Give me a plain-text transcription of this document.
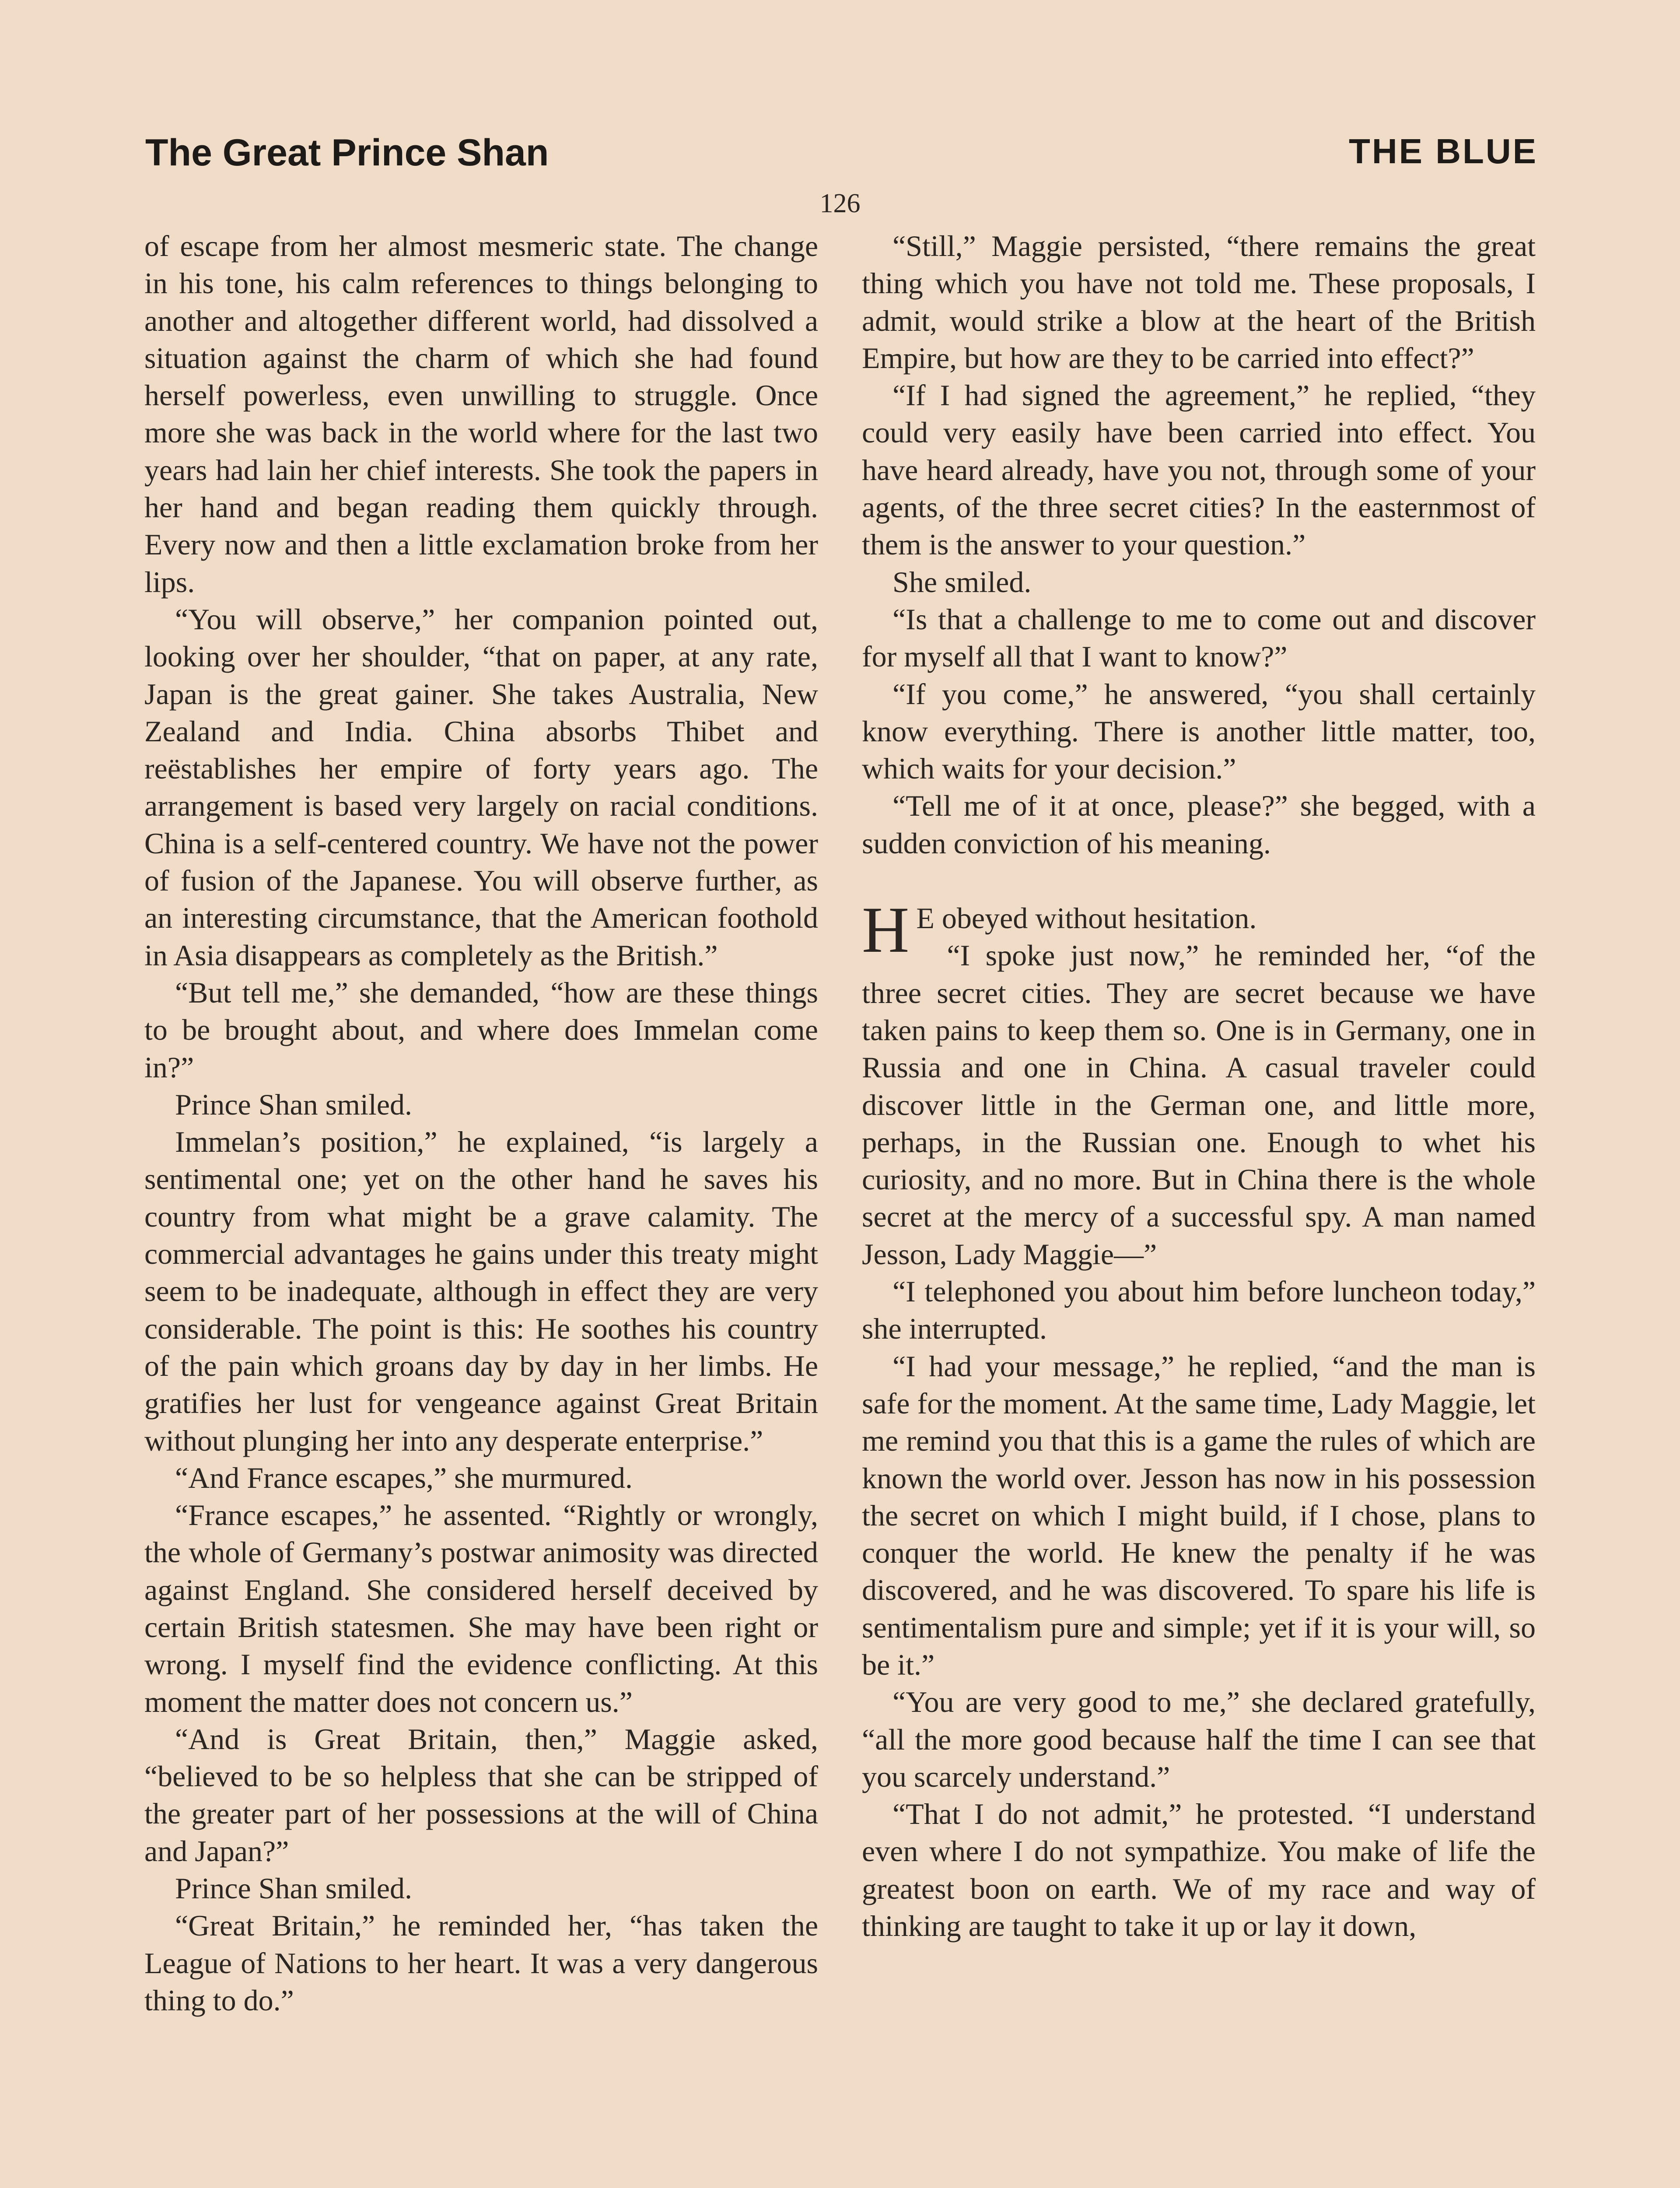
The Great Prince Shan	THE BLUE
126

of escape from her almost mesmeric state. The change in his tone, his calm references to things belonging to another and altogether different world, had dissolved a situation against the charm of which she had found herself powerless, even unwilling to struggle. Once more she was back in the world where for the last two years had lain her chief interests. She took the papers in her hand and began reading them quickly through. Every now and then a little exclamation broke from her lips.

“You will observe,” her companion pointed out, looking over her shoulder, “that on paper, at any rate, Japan is the great gainer. She takes Australia, New Zealand and India. China absorbs Thibet and reëstablishes her empire of forty years ago. The arrangement is based very largely on racial conditions. China is a self-centered country. We have not the power of fusion of the Japanese. You will observe further, as an interesting circumstance, that the American foothold in Asia disappears as completely as the British.”

“But tell me,” she demanded, “how are these things to be brought about, and where does Immelan come in?”

Prince Shan smiled.

Immelan’s position,” he explained, “is largely a sentimental one; yet on the other hand he saves his country from what might be a grave calamity. The commercial advantages he gains under this treaty might seem to be inadequate, although in effect they are very considerable. The point is this: He soothes his country of the pain which groans day by day in her limbs. He gratifies her lust for vengeance against Great Britain without plunging her into any desperate enterprise.”

“And France escapes,” she murmured.

“France escapes,” he assented. “Rightly or wrongly, the whole of Germany’s postwar animosity was directed against England. She considered herself deceived by certain British statesmen. She may have been right or wrong. I myself find the evidence conflicting. At this moment the matter does not concern us.”

“And is Great Britain, then,” Maggie asked, “believed to be so helpless that she can be stripped of the greater part of her possessions at the will of China and Japan?”

Prince Shan smiled.

“Great Britain,” he reminded her, “has taken the League of Nations to her heart. It was a very dangerous thing to do.”

“Still,” Maggie persisted, “there remains the great thing which you have not told me. These proposals, I admit, would strike a blow at the heart of the British Empire, but how are they to be carried into effect?”

“If I had signed the agreement,” he replied, “they could very easily have been carried into effect. You have heard already, have you not, through some of your agents, of the three secret cities? In the easternmost of them is the answer to your question.”

She smiled.

“Is that a challenge to me to come out and discover for myself all that I want to know?”

“If you come,” he answered, “you shall certainly know everything. There is another little matter, too, which waits for your decision.”

“Tell me of it at once, please?” she begged, with a sudden conviction of his meaning.

H E obeyed without hesitation.

“I spoke just now,” he reminded her, “of the three secret cities. They are secret because we have taken pains to keep them so. One is in Germany, one in Russia and one in China. A casual traveler could discover little in the German one, and little more, perhaps, in the Russian one. Enough to whet his curiosity, and no more. But in China there is the whole secret at the mercy of a successful spy. A man named Jesson, Lady Maggie—”

“I telephoned you about him before luncheon today,” she interrupted.

“I had your message,” he replied, “and the man is safe for the moment. At the same time, Lady Maggie, let me remind you that this is a game the rules of which are known the world over. Jesson has now in his possession the secret on which I might build, if I chose, plans to conquer the world. He knew the penalty if he was discovered, and he was discovered. To spare his life is sentimentalism pure and simple; yet if it is your will, so be it.”

“You are very good to me,” she declared gratefully, “all the more good because half the time I can see that you scarcely understand.”

“That I do not admit,” he protested. “I understand even where I do not sympathize. You make of life the greatest boon on earth. We of my race and way of thinking are taught to take it up or lay it down,
